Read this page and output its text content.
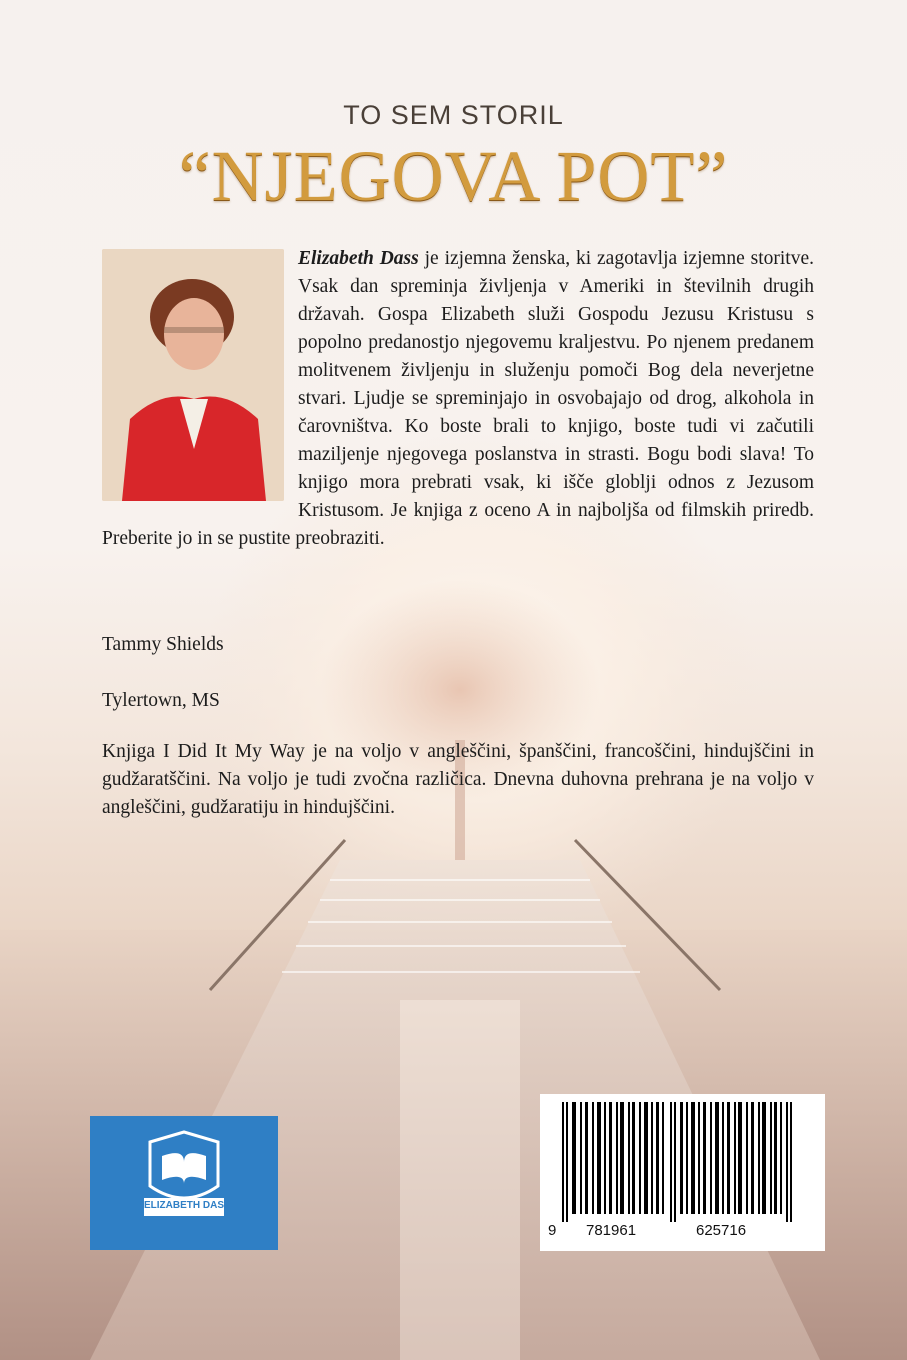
TO SEM STORIL
“NJEGOVA POT”

Elizabeth Dass je izjemna ženska, ki zagotavlja izjemne storitve. Vsak dan spreminja življenja v Ameriki in številnih drugih državah. Gospa Elizabeth služi Gospodu Jezusu Kristusu s popolno predanostjo njegovemu kraljestvu. Po njenem predanem molitvenem življenju in služenju pomoči Bog dela neverjetne stvari. Ljudje se spreminjajo in osvobajajo od drog, alkohola in čarovništva. Ko boste brali to knjigo, boste tudi vi začutili maziljenje njegovega poslanstva in strasti. Bogu bodi slava! To knjigo mora prebrati vsak, ki išče globlji odnos z Jezusom Kristusom. Je knjiga z oceno A in najboljša od filmskih priredb. Preberite jo in se pustite preobraziti.

Tammy Shields
Tylertown, MS
Knjiga I Did It My Way je na voljo v angleščini, španščini, francoščini, hindujščini in gudžaratščini. Na voljo je tudi zvočna različica. Dnevna duhovna prehrana je na voljo v angleščini, gudžaratiju in hindujščini.
ELIZABETH DAS
9 781961	625716
